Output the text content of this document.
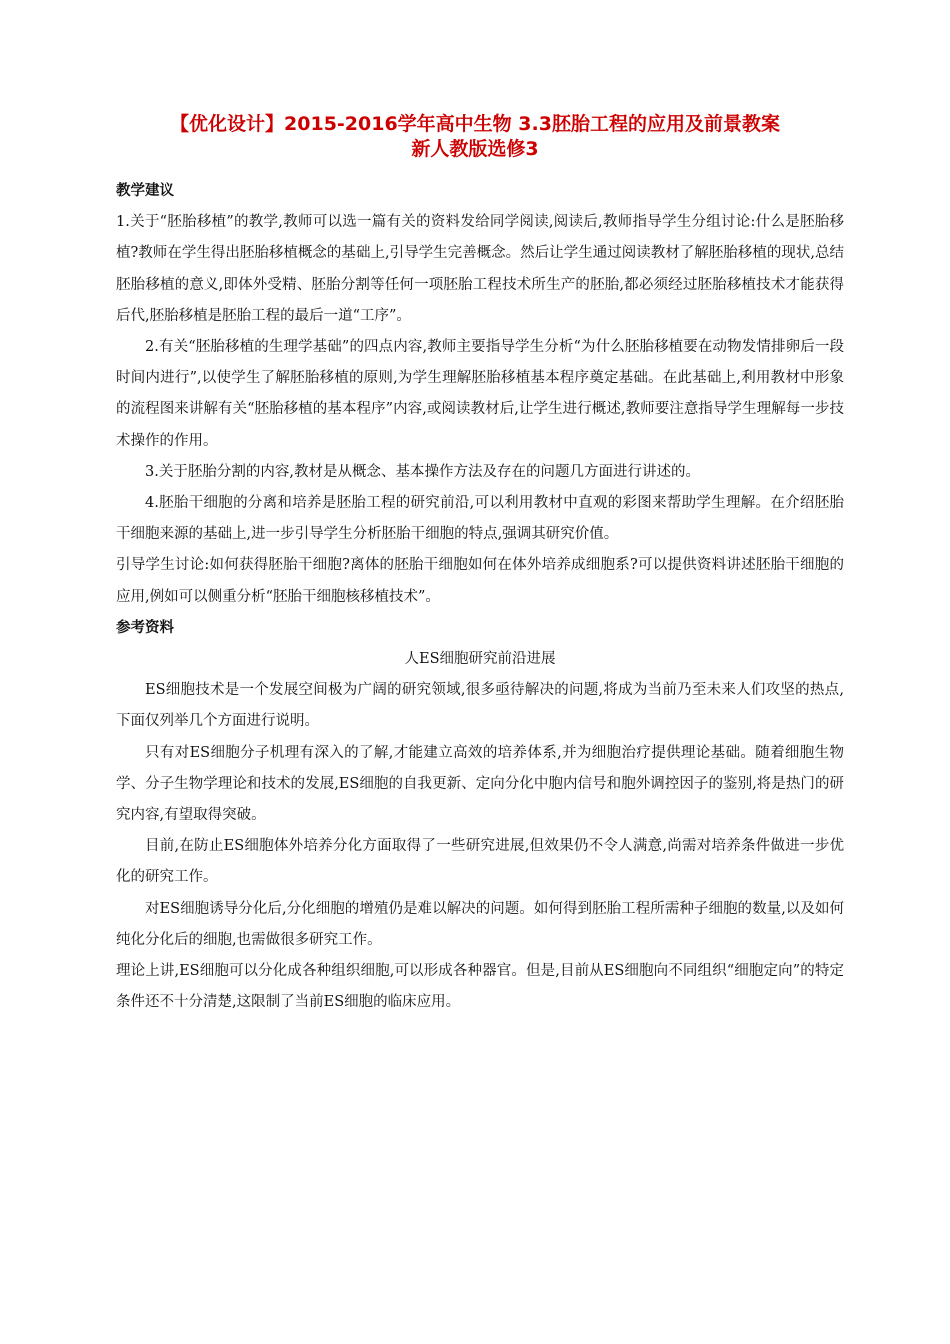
【优化设计】2015-2016学年高中生物 3.3胚胎工程的应用及前景教案
新人教版选修3

教学建议

1.关于“胚胎移植”的教学,教师可以选一篇有关的资料发给同学阅读,阅读后,教师指导学生分组讨论:什么是胚胎移植?教师在学生得出胚胎移植概念的基础上,引导学生完善概念。然后让学生通过阅读教材了解胚胎移植的现状,总结胚胎移植的意义,即体外受精、胚胎分割等任何一项胚胎工程技术所生产的胚胎,都必须经过胚胎移植技术才能获得后代,胚胎移植是胚胎工程的最后一道“工序”。

2.有关“胚胎移植的生理学基础”的四点内容,教师主要指导学生分析“为什么胚胎移植要在动物发情排卵后一段时间内进行”,以使学生了解胚胎移植的原则,为学生理解胚胎移植基本程序奠定基础。在此基础上,利用教材中形象的流程图来讲解有关“胚胎移植的基本程序”内容,或阅读教材后,让学生进行概述,教师要注意指导学生理解每一步技术操作的作用。

3.关于胚胎分割的内容,教材是从概念、基本操作方法及存在的问题几方面进行讲述的。

4.胚胎干细胞的分离和培养是胚胎工程的研究前沿,可以利用教材中直观的彩图来帮助学生理解。在介绍胚胎干细胞来源的基础上,进一步引导学生分析胚胎干细胞的特点,强调其研究价值。

引导学生讨论:如何获得胚胎干细胞?离体的胚胎干细胞如何在体外培养成细胞系?可以提供资料讲述胚胎干细胞的应用,例如可以侧重分析“胚胎干细胞核移植技术”。

参考资料

人ES细胞研究前沿进展

ES细胞技术是一个发展空间极为广阔的研究领域,很多亟待解决的问题,将成为当前乃至未来人们攻坚的热点,下面仅列举几个方面进行说明。

只有对ES细胞分子机理有深入的了解,才能建立高效的培养体系,并为细胞治疗提供理论基础。随着细胞生物学、分子生物学理论和技术的发展,ES细胞的自我更新、定向分化中胞内信号和胞外调控因子的鉴别,将是热门的研究内容,有望取得突破。

目前,在防止ES细胞体外培养分化方面取得了一些研究进展,但效果仍不令人满意,尚需对培养条件做进一步优化的研究工作。

对ES细胞诱导分化后,分化细胞的增殖仍是难以解决的问题。如何得到胚胎工程所需种子细胞的数量,以及如何纯化分化后的细胞,也需做很多研究工作。

理论上讲,ES细胞可以分化成各种组织细胞,可以形成各种器官。但是,目前从ES细胞向不同组织“细胞定向”的特定条件还不十分清楚,这限制了当前ES细胞的临床应用。
